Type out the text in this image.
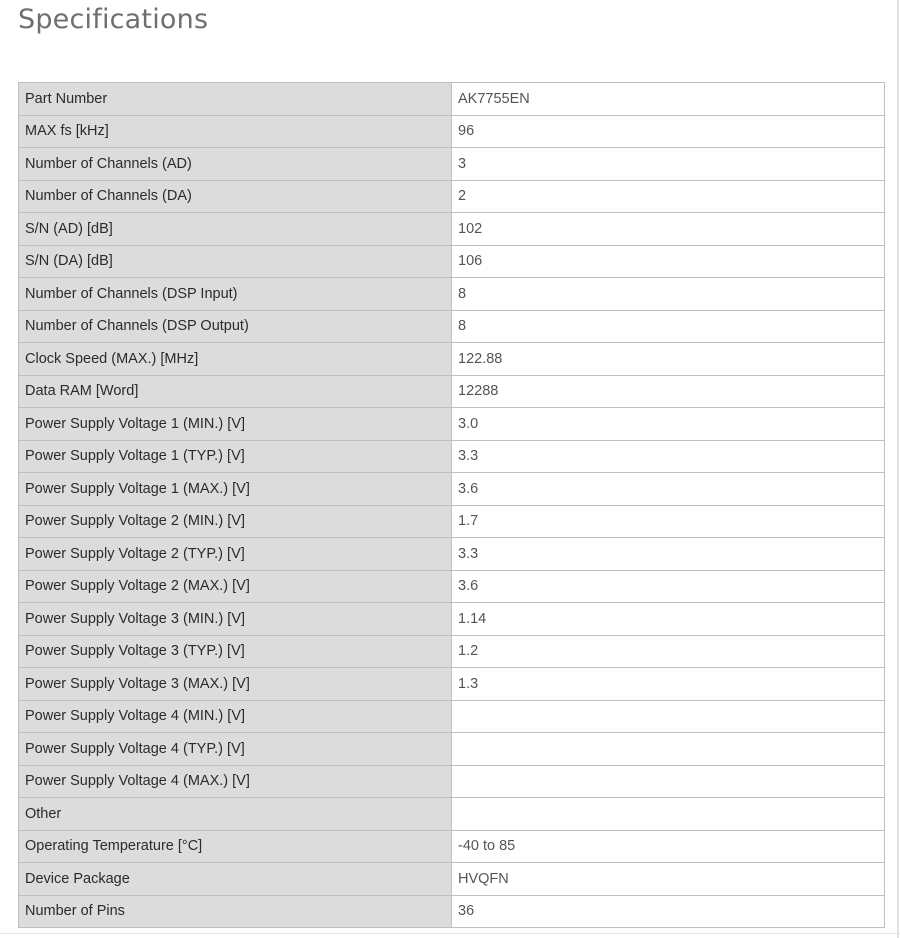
Specifications
Part Number	AK7755EN
MAX fs [kHz]	96
Number of Channels (AD)	3
Number of Channels (DA)	2
S/N (AD) [dB]	102
S/N (DA) [dB]	106
Number of Channels (DSP Input)	8
Number of Channels (DSP Output)	8
Clock Speed (MAX.) [MHz]	122.88
Data RAM [Word]	12288
Power Supply Voltage 1 (MIN.) [V]	3.0
Power Supply Voltage 1 (TYP.) [V]	3.3
Power Supply Voltage 1 (MAX.) [V]	3.6
Power Supply Voltage 2 (MIN.) [V]	1.7
Power Supply Voltage 2 (TYP.) [V]	3.3
Power Supply Voltage 2 (MAX.) [V]	3.6
Power Supply Voltage 3 (MIN.) [V]	1.14
Power Supply Voltage 3 (TYP.) [V]	1.2
Power Supply Voltage 3 (MAX.) [V]	1.3
Power Supply Voltage 4 (MIN.) [V]	
Power Supply Voltage 4 (TYP.) [V]	
Power Supply Voltage 4 (MAX.) [V]	
Other	
Operating Temperature [°C]	-40 to 85
Device Package	HVQFN
Number of Pins	36
